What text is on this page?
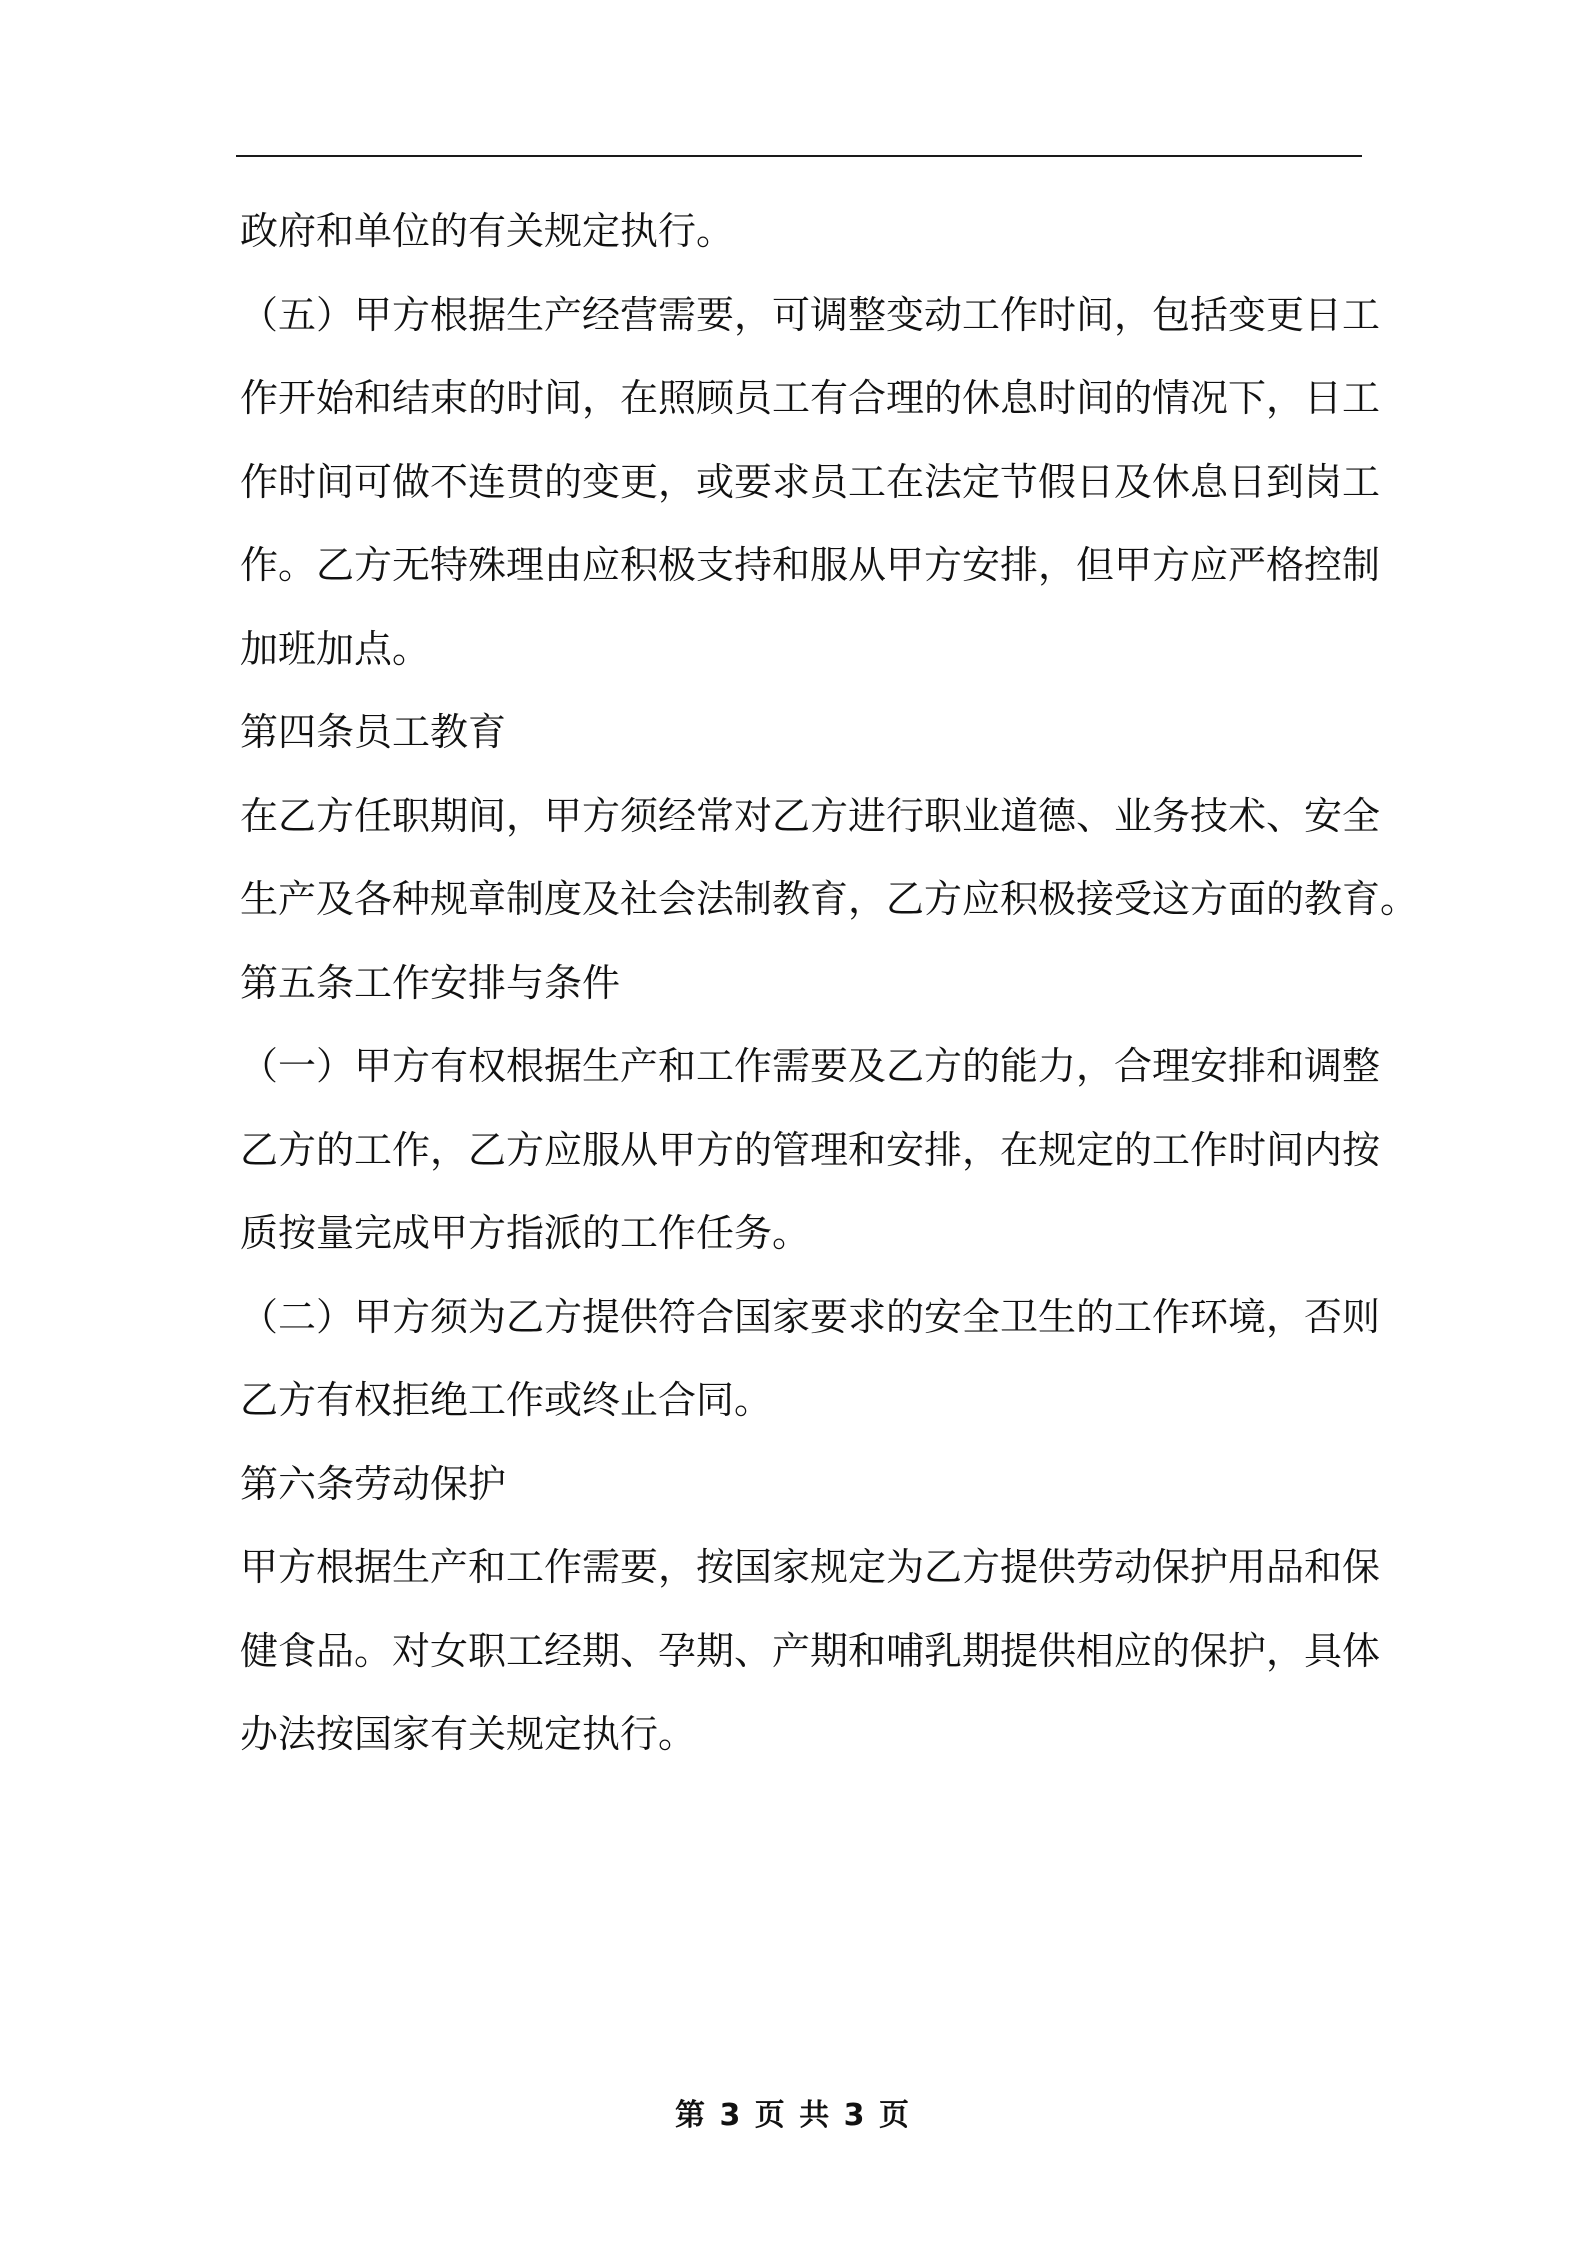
政府和单位的有关规定执行。
（五）甲方根据生产经营需要，可调整变动工作时间，包括变更日工
作开始和结束的时间，在照顾员工有合理的休息时间的情况下，日工
作时间可做不连贯的变更，或要求员工在法定节假日及休息日到岗工
作。乙方无特殊理由应积极支持和服从甲方安排，但甲方应严格控制
加班加点。
第四条员工教育
在乙方任职期间，甲方须经常对乙方进行职业道德、业务技术、安全
生产及各种规章制度及社会法制教育，乙方应积极接受这方面的教育。
第五条工作安排与条件
（一）甲方有权根据生产和工作需要及乙方的能力，合理安排和调整
乙方的工作，乙方应服从甲方的管理和安排，在规定的工作时间内按
质按量完成甲方指派的工作任务。
（二）甲方须为乙方提供符合国家要求的安全卫生的工作环境，否则
乙方有权拒绝工作或终止合同。
第六条劳动保护
甲方根据生产和工作需要，按国家规定为乙方提供劳动保护用品和保
健食品。对女职工经期、孕期、产期和哺乳期提供相应的保护，具体
办法按国家有关规定执行。
第 3 页 共 3 页
